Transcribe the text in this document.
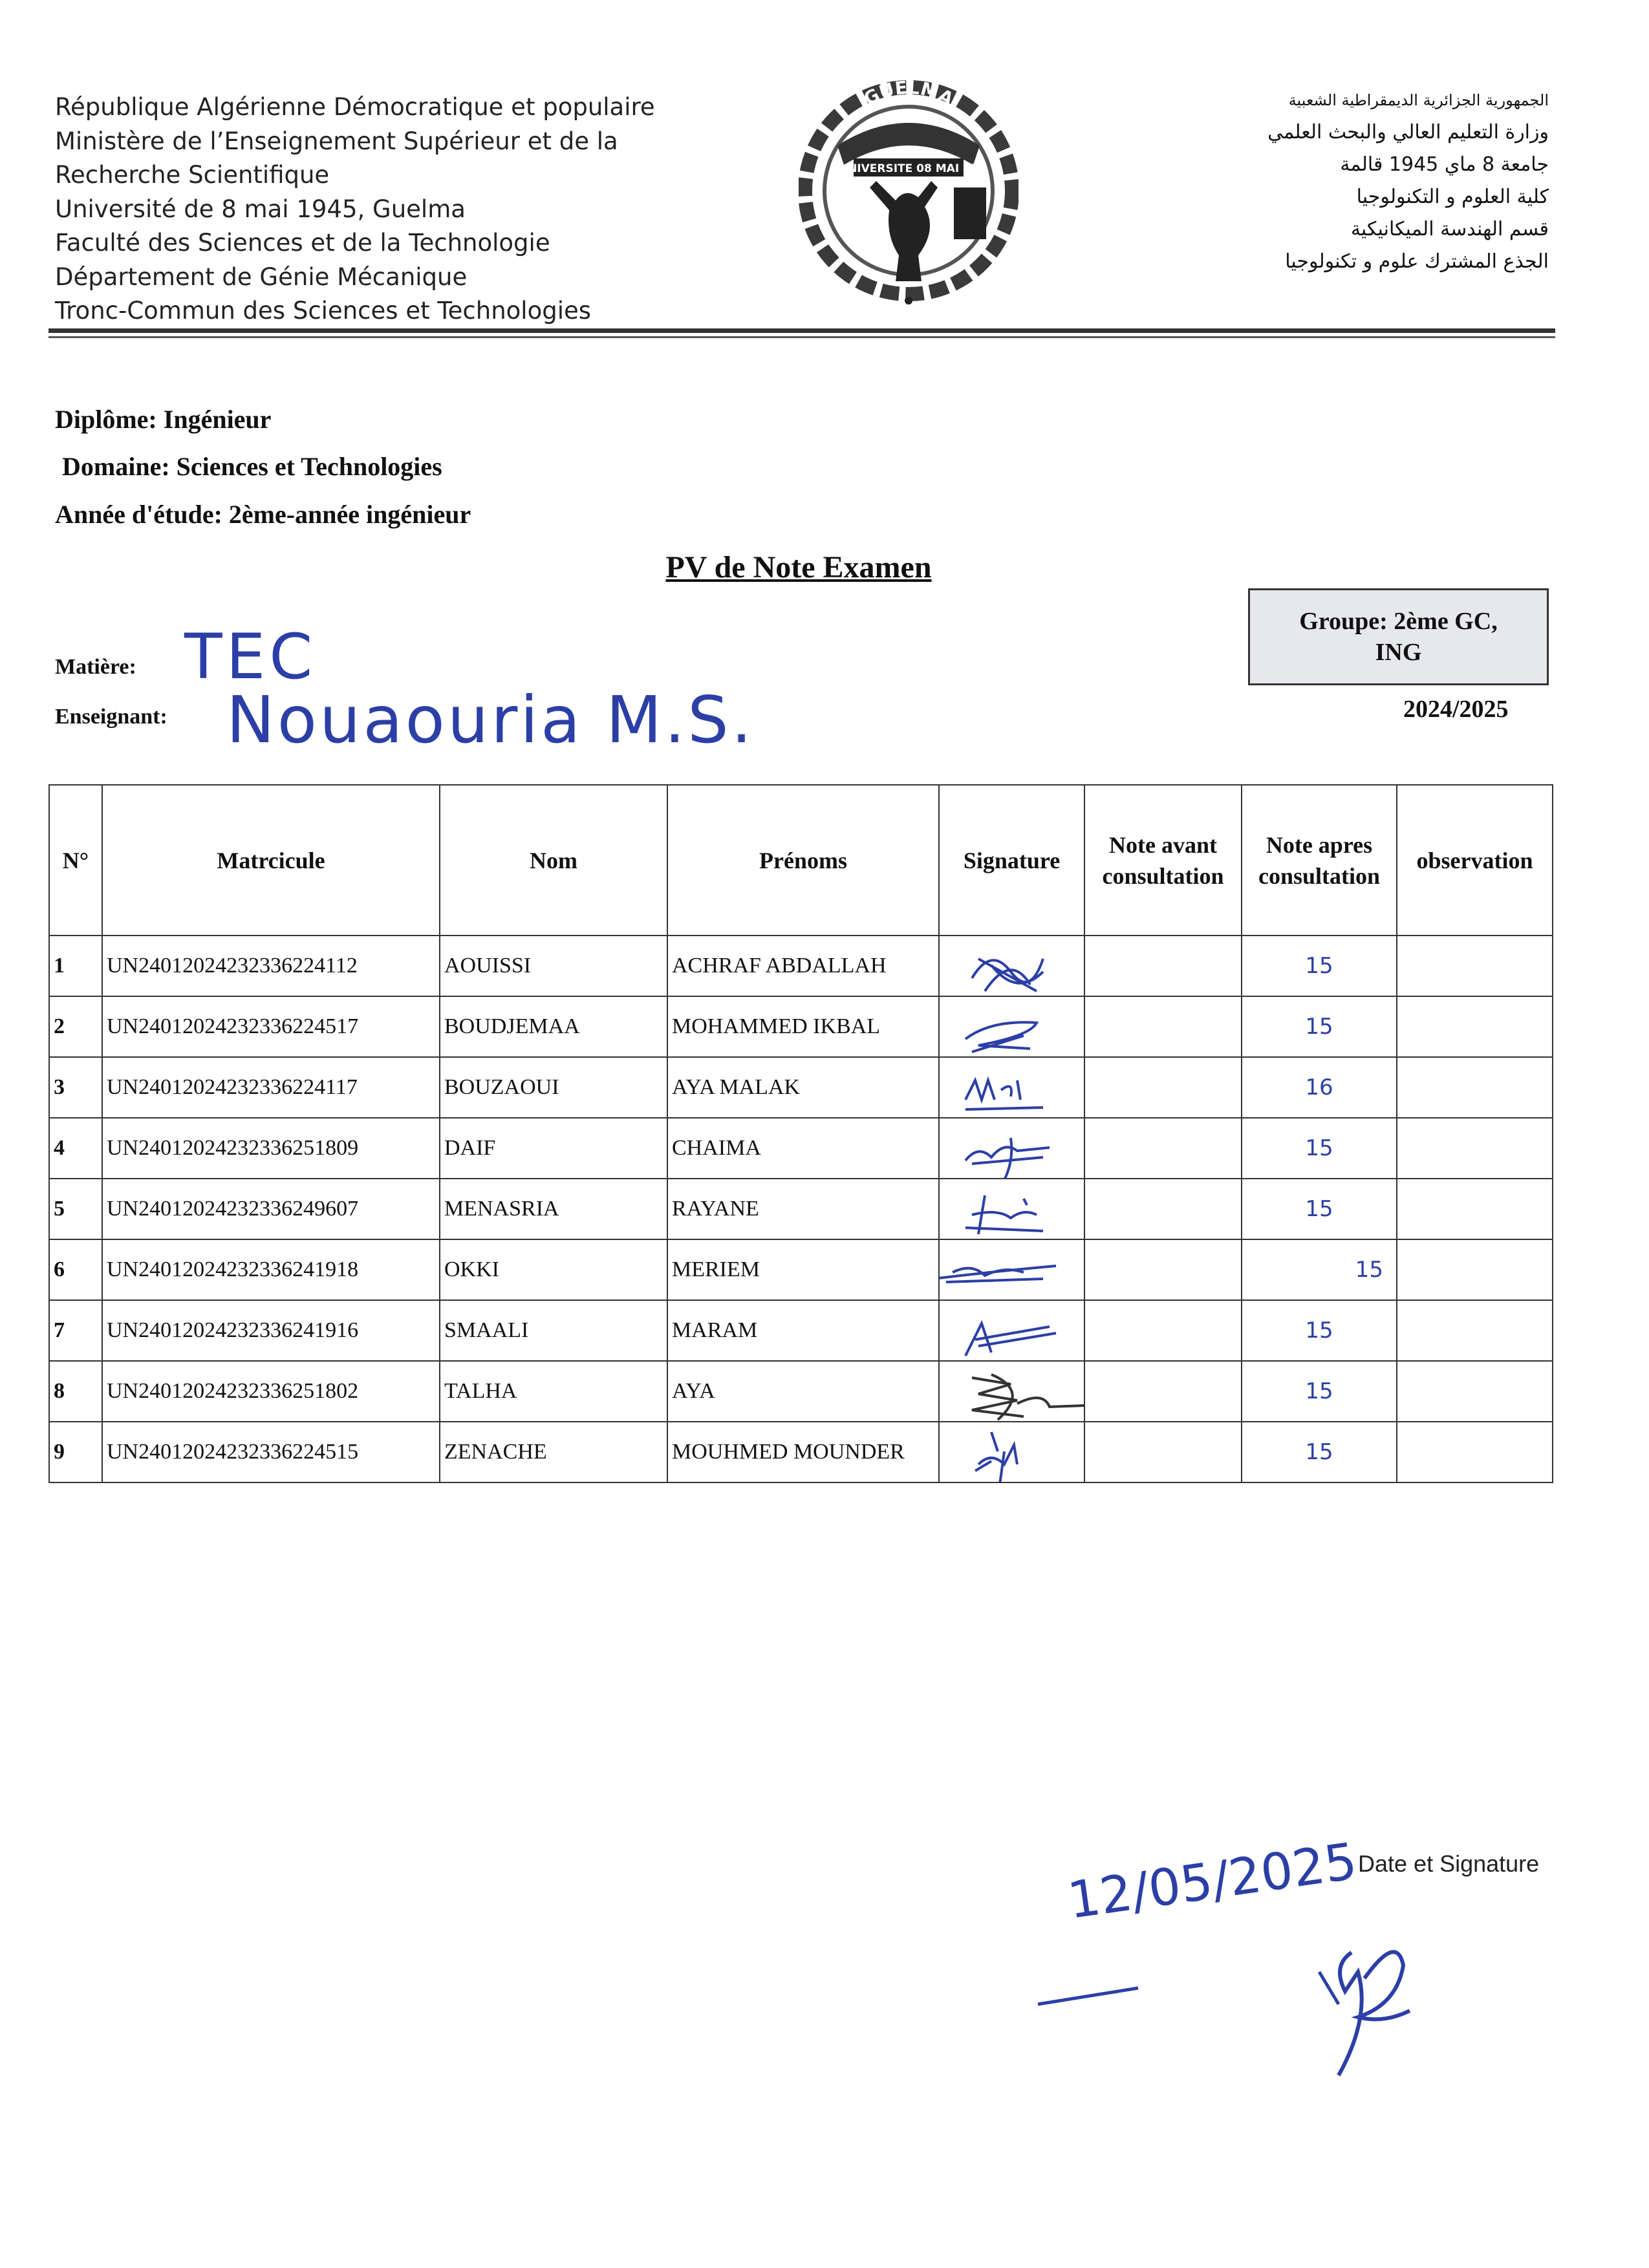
République Algérienne Démocratique et populaire
Ministère de l’Enseignement Supérieur et de la
Recherche Scientifique
Université de 8 mai 1945, Guelma
Faculté des Sciences et de la Technologie
Département de Génie Mécanique
Tronc-Commun des Sciences et Technologies
GUELMA
UNIVERSITE 08 MAI 45
الجمهورية الجزائرية الديمقراطية الشعبية
وزارة التعليم العالي والبحث العلمي
جامعة 8 ماي 1945 قالمة
كلية العلوم و التكنولوجيا
قسم الهندسة الميكانيكية
الجذع المشترك علوم و تكنولوجيا
Diplôme: Ingénieur
Domaine: Sciences et Technologies
Année d'étude: 2ème-année ingénieur
PV de Note Examen
Groupe: 2ème GC, ING
Matière: TEC
Enseignant: Nouaouria M.S.	2024/2025
N°	Matrcicule	Nom	Prénoms	Signature	Note avant consultation	Note apres consultation	observation
1	UN24012024232336224112	AOUISSI	ACHRAF ABDALLAH			15	
2	UN24012024232336224517	BOUDJEMAA	MOHAMMED IKBAL			15	
3	UN24012024232336224117	BOUZAOUI	AYA MALAK			16	
4	UN24012024232336251809	DAIF	CHAIMA			15	
5	UN24012024232336249607	MENASRIA	RAYANE			15	
6	UN24012024232336241918	OKKI	MERIEM			15	
7	UN24012024232336241916	SMAALI	MARAM			15	
8	UN24012024232336251802	TALHA	AYA			15	
9	UN24012024232336224515	ZENACHE	MOUHMED MOUNDER			15	
12/05/2025
Date et Signature
